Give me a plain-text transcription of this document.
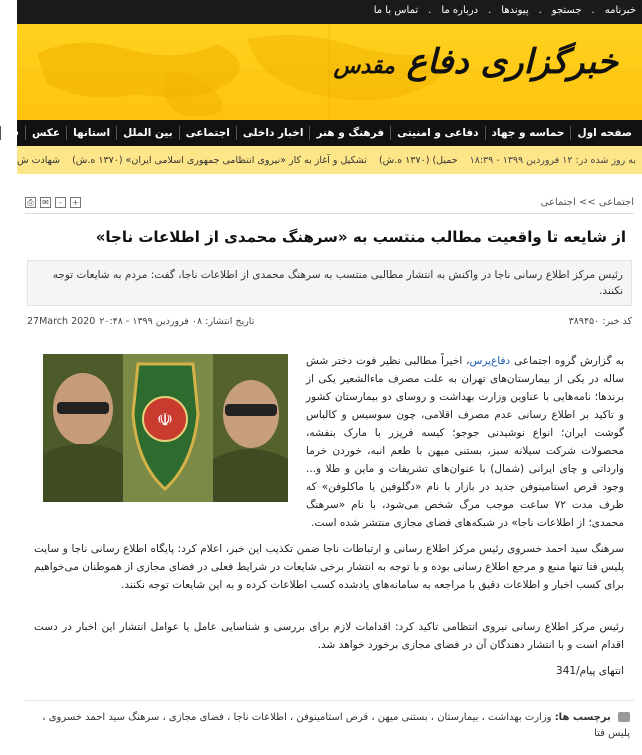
خبرنامه
.
جستجو
.
پیوندها
.
درباره ما
.
تماس با ما
خبرگزاری دفاع مقدس
صفحه اول
حماسه و جهاد
دفاعی و امنیتی
فرهنگ و هنر
اخبار داخلی
اجتماعی
بین الملل
استانها
عکس
ف
به روز شده در: ۱۲ فروردین ۱۳۹۹ - ۱۸:۳۹
حمیل) (۱۳۷۰ ه.ش)
تشکیل و آغاز به کار «نیروی انتظامی جمهوری اسلامی ایران» (۱۳۷۰ ه.ش)
شهادت ش
اجتماعی >> اجتماعی
⎙ ✉	-	+
از شایعه تا واقعیت مطالب منتسب به «سرهنگ محمدی از اطلاعات ناجا»
رئیس مرکز اطلاع رسانی ناجا در واکنش به انتشار مطالبی منتسب به سرهنگ محمدی از اطلاعات ناجا، گفت: مردم به شایعات توجه نکنند.
کد خبر: ۳۸۹۴۵۰
تاریخ انتشار: ۰۸ فروردین ۱۳۹۹ - ۲۰:۴۸
27March 2020
☫
به گزارش گروه اجتماعی دفاع‌پرس، اخیراً مطالبی نظیر فوت دختر شش ساله در یکی از بیمارستان‌های تهران به علت مصرف ماءالشعیر یکی از برندها؛ نامه‌هایی با عناوین وزارت بهداشت و روسای دو بیمارستان کشور و تاکید بر اطلاع رسانی عدم مصرف اقلامی، چون سوسیس و کالباس گوشت ایران؛ انواع نوشیدنی جوجو؛ کیسه فریزر با مارک بنفشه، محصولات شرکت سیلانه سبز، بستنی میهن با طعم انبه، خوردن خرما وارداتی و چای ایرانی (شمال) با عنوان‌های تشریفات و ماین و طلا و... وجود قرص استامینوفن جدید در بازار با نام «دگلوفین یا ماکلوفن» که ظرف مدت ۷۲ ساعت موجب مرگ شخص می‌شود، با نام «سرهنگ محمدی؛ از اطلاعات ناجا» در شبکه‌های فضای مجازی منتشر شده است.
سرهنگ سید احمد خسروی رئیس مرکز اطلاع رسانی و ارتباطات ناجا ضمن تکذیب این خبر، اعلام کرد: پایگاه اطلاع رسانی ناجا و سایت پلیس فتا تنها منبع و مرجع اطلاع رسانی بوده و با توجه به انتشار برخی شایعات در شرایط فعلی در فضای مجازی از هموطنان می‌خواهیم برای کسب اخبار و اطلاعات دقیق با مراجعه به سامانه‌های یادشده کسب اطلاعات کرده و به این شایعات توجه نکنند.
رئیس مرکز اطلاع رسانی نیروی انتظامی تاکید کرد: اقدامات لازم برای بررسی و شناسایی عامل یا عوامل انتشار این اخبار در دست اقدام است و با انتشار دهندگان آن در فضای مجازی برخورد خواهد شد.
انتهای پیام/341
برچسب ها: وزارت بهداشت ، بیمارستان ، بستنی میهن ، قرص استامینوفن ، اطلاعات ناجا ، فضای مجازی ، سرهنگ سید احمد خسروی ، پلیس فتا
